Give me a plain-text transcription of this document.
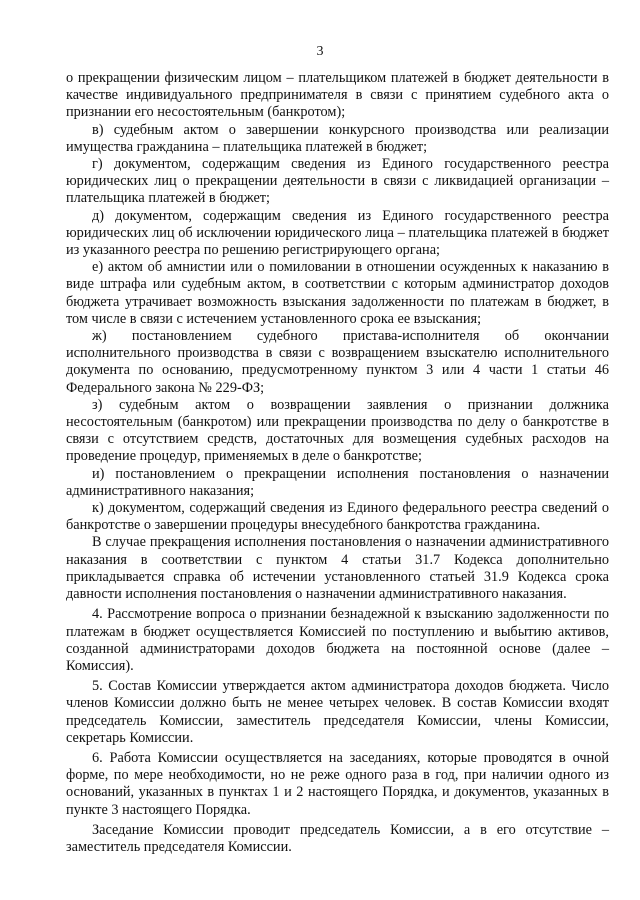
3

о прекращении физическим лицом – плательщиком платежей в бюджет деятельности в качестве индивидуального предпринимателя в связи с принятием судебного акта о признании его несостоятельным (банкротом);

в) судебным актом о завершении конкурсного производства или реализации имущества гражданина – плательщика платежей в бюджет;

г) документом, содержащим сведения из Единого государственного реестра юридических лиц о прекращении деятельности в связи с ликвидацией организации – плательщика платежей в бюджет;

д) документом, содержащим сведения из Единого государственного реестра юридических лиц об исключении юридического лица – плательщика платежей в бюджет из указанного реестра по решению регистрирующего органа;

е) актом об амнистии или о помиловании в отношении осужденных к наказанию в виде штрафа или судебным актом, в соответствии с которым администратор доходов бюджета утрачивает возможность взыскания задолженности по платежам в бюджет, в том числе в связи с истечением установленного срока ее взыскания;

ж) постановлением судебного пристава-исполнителя об окончании исполнительного производства в связи с возвращением взыскателю исполнительного документа по основанию, предусмотренному пунктом 3 или 4 части 1 статьи 46 Федерального закона № 229-ФЗ;

з) судебным актом о возвращении заявления о признании должника несостоятельным (банкротом) или прекращении производства по делу о банкротстве в связи с отсутствием средств, достаточных для возмещения судебных расходов на проведение процедур, применяемых в деле о банкротстве;

и) постановлением о прекращении исполнения постановления о назначении административного наказания;

к) документом, содержащий сведения из Единого федерального реестра сведений о банкротстве о завершении процедуры внесудебного банкротства гражданина.

В случае прекращения исполнения постановления о назначении административного наказания в соответствии с пунктом 4 статьи 31.7 Кодекса дополнительно прикладывается справка об истечении установленного статьей 31.9 Кодекса срока давности исполнения постановления о назначении административного наказания.

4. Рассмотрение вопроса о признании безнадежной к взысканию задолженности по платежам в бюджет осуществляется Комиссией по поступлению и выбытию активов, созданной администраторами доходов бюджета на постоянной основе (далее – Комиссия).

5. Состав Комиссии утверждается актом администратора доходов бюджета. Число членов Комиссии должно быть не менее четырех человек. В состав Комиссии входят председатель Комиссии, заместитель председателя Комиссии, члены Комиссии, секретарь Комиссии.

6. Работа Комиссии осуществляется на заседаниях, которые проводятся в очной форме, по мере необходимости, но не реже одного раза в год, при наличии одного из оснований, указанных в пунктах 1 и 2 настоящего Порядка, и документов, указанных в пункте 3 настоящего Порядка.

Заседание Комиссии проводит председатель Комиссии, а в его отсутствие – заместитель председателя Комиссии.
